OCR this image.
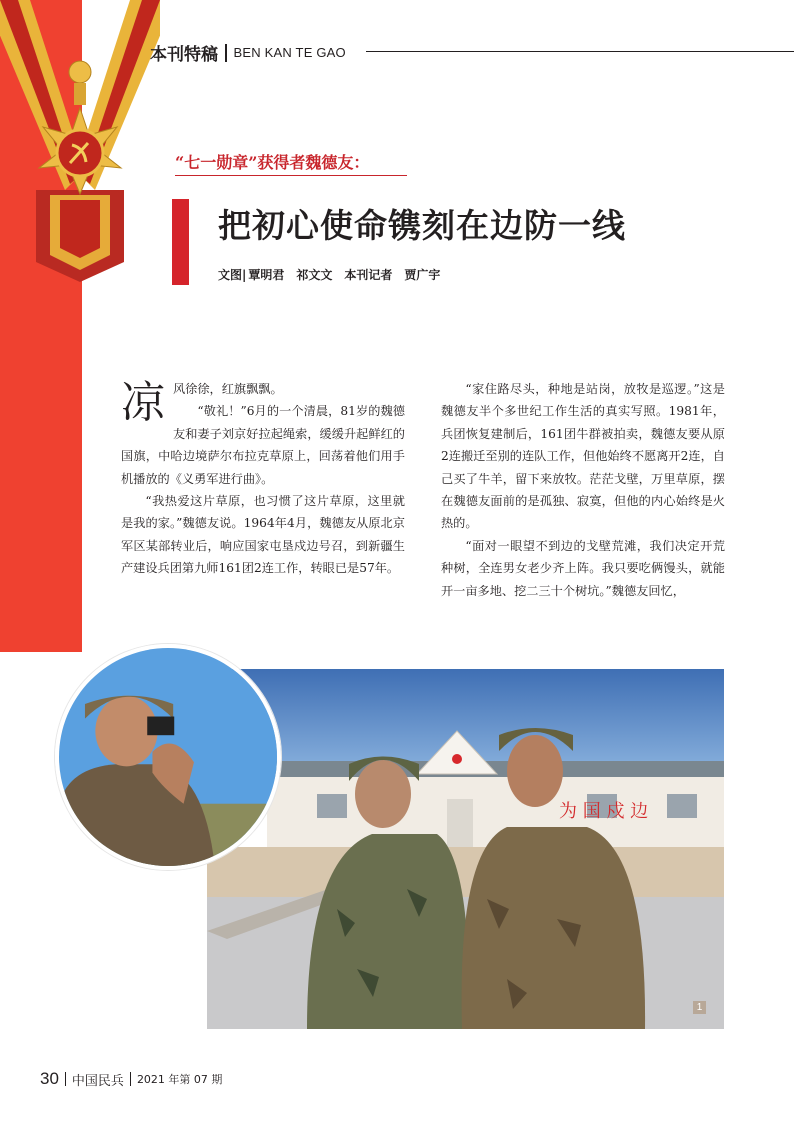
本刊特稿 BEN KAN TE GAO
“七一勋章”获得者魏德友：
把初心使命镌刻在边防一线
文图| 覃明君　祁文文　本刊记者　贾广宇
凉 风徐徐，红旗飘飘。

“敬礼！”6月的一个清晨，81岁的魏德友和妻子刘京好拉起绳索，缓缓升起鲜红的国旗，中哈边境萨尔布拉克草原上，回荡着他们用手机播放的《义勇军进行曲》。

“我热爱这片草原，也习惯了这片草原，这里就是我的家。”魏德友说。1964年4月，魏德友从原北京军区某部转业后，响应国家屯垦戍边号召，到新疆生产建设兵团第九师161团2连工作，转眼已是57年。

“家住路尽头，种地是站岗，放牧是巡逻。”这是魏德友半个多世纪工作生活的真实写照。1981年，兵团恢复建制后，161团牛群被拍卖，魏德友要从原2连搬迁至别的连队工作，但他始终不愿离开2连，自己买了牛羊，留下来放牧。茫茫戈壁，万里草原，摆在魏德友面前的是孤独、寂寞，但他的内心始终是火热的。

“面对一眼望不到边的戈壁荒滩，我们决定开荒种树，全连男女老少齐上阵。我只要吃俩馒头，就能开一亩多地、挖二三十个树坑。”魏德友回忆，

为 国 戍 边
1
30 中国民兵 2021 年第 07 期
